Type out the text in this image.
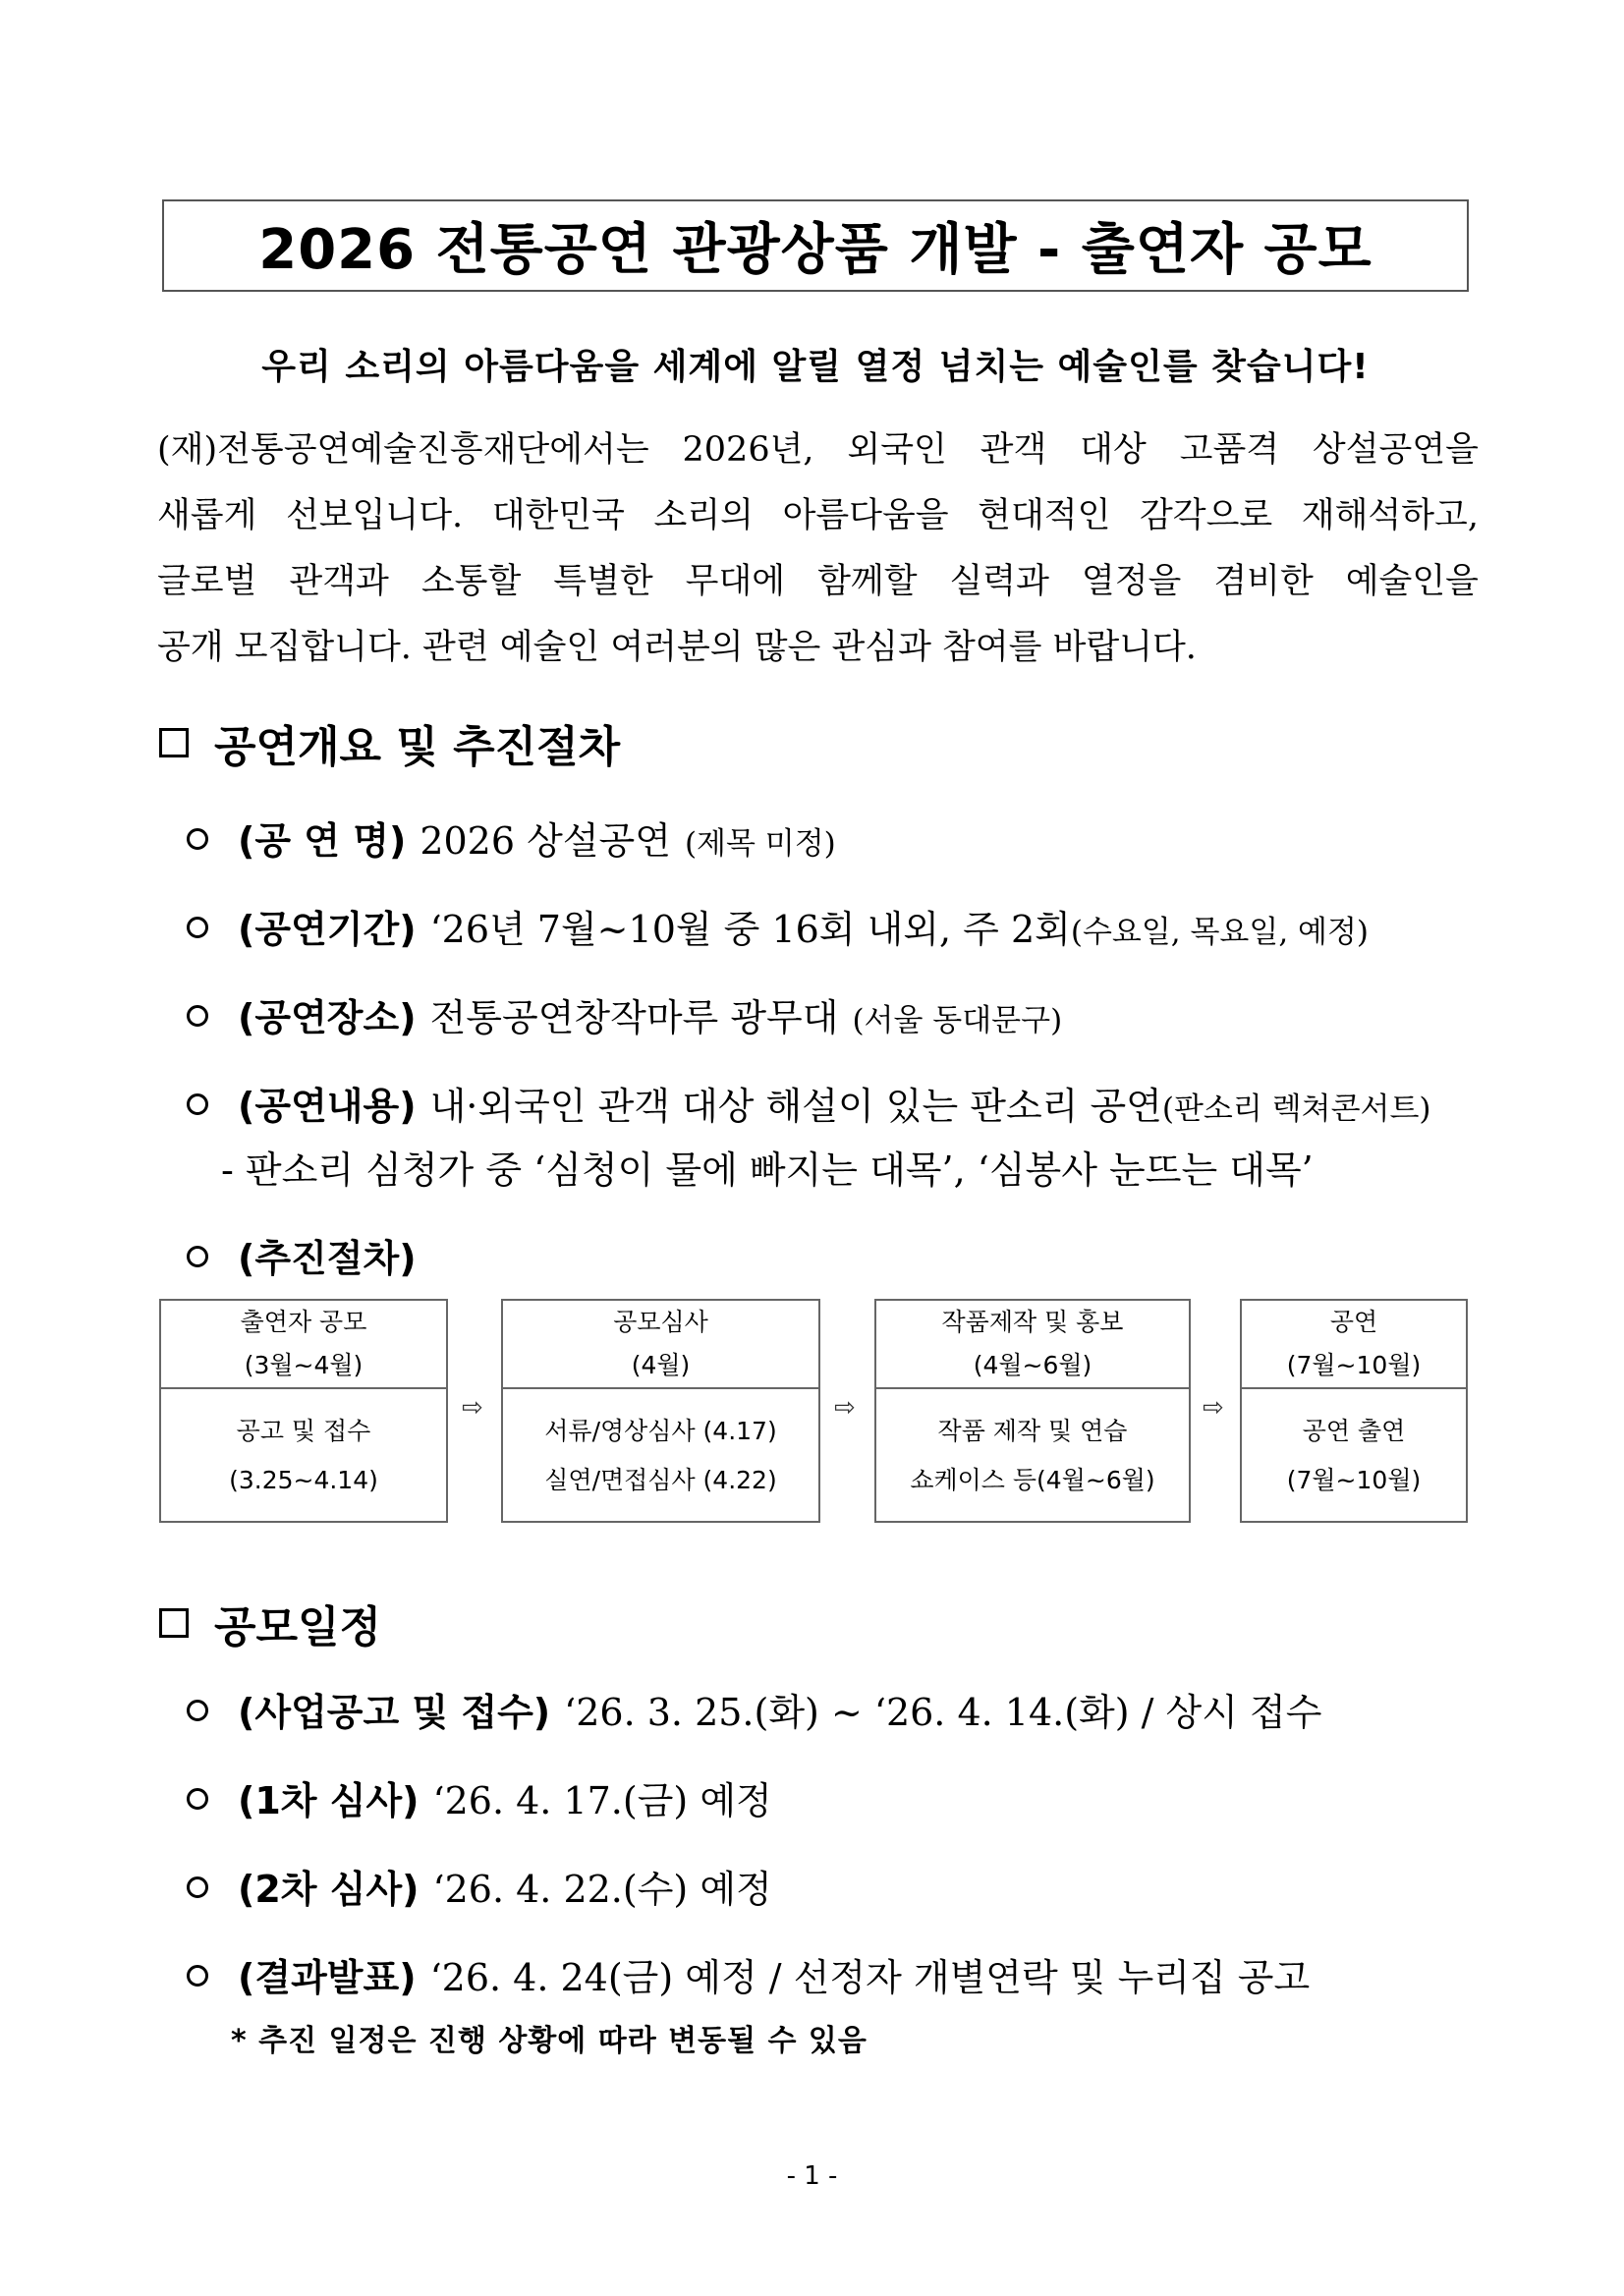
2026 전통공연 관광상품 개발 - 출연자 공모
우리 소리의 아름다움을 세계에 알릴 열정 넘치는 예술인를 찾습니다!
(재)전통공연예술진흥재단에서는 2026년, 외국인 관객 대상 고품격 상설공연을
새롭게 선보입니다. 대한민국 소리의 아름다움을 현대적인 감각으로 재해석하고,
글로벌 관객과 소통할 특별한 무대에 함께할 실력과 열정을 겸비한 예술인을
공개 모집합니다. 관련 예술인 여러분의 많은 관심과 참여를 바랍니다.
공연개요 및 추진절차
(공 연 명) 2026 상설공연 (제목 미정)
(공연기간) ‘26년 7월~10월 중 16회 내외, 주 2회 (수요일, 목요일, 예정)
(공연장소) 전통공연창작마루 광무대 (서울 동대문구)
(공연내용) 내·외국인 관객 대상 해설이 있는 판소리 공연 (판소리 렉쳐콘서트)
- 판소리 심청가 중 ‘심청이 물에 빠지는 대목’, ‘심봉사 눈뜨는 대목’
(추진절차)
출연자 공모
(3월~4월)
공고 및 접수
(3.25~4.14)
⇨
공모심사
(4월)
서류/영상심사 (4.17)
실연/면접심사 (4.22)
⇨
작품제작 및 홍보
(4월~6월)
작품 제작 및 연습
쇼케이스 등(4월~6월)
⇨
공연
(7월~10월)
공연 출연
(7월~10월)
공모일정
(사업공고 및 접수) ‘26. 3. 25.(화) ~ ‘26. 4. 14.(화) / 상시 접수
(1차 심사) ‘26. 4. 17.(금) 예정
(2차 심사) ‘26. 4. 22.(수) 예정
(결과발표) ‘26. 4. 24(금) 예정 / 선정자 개별연락 및 누리집 공고
* 추진 일정은 진행 상황에 따라 변동될 수 있음
- 1 -
